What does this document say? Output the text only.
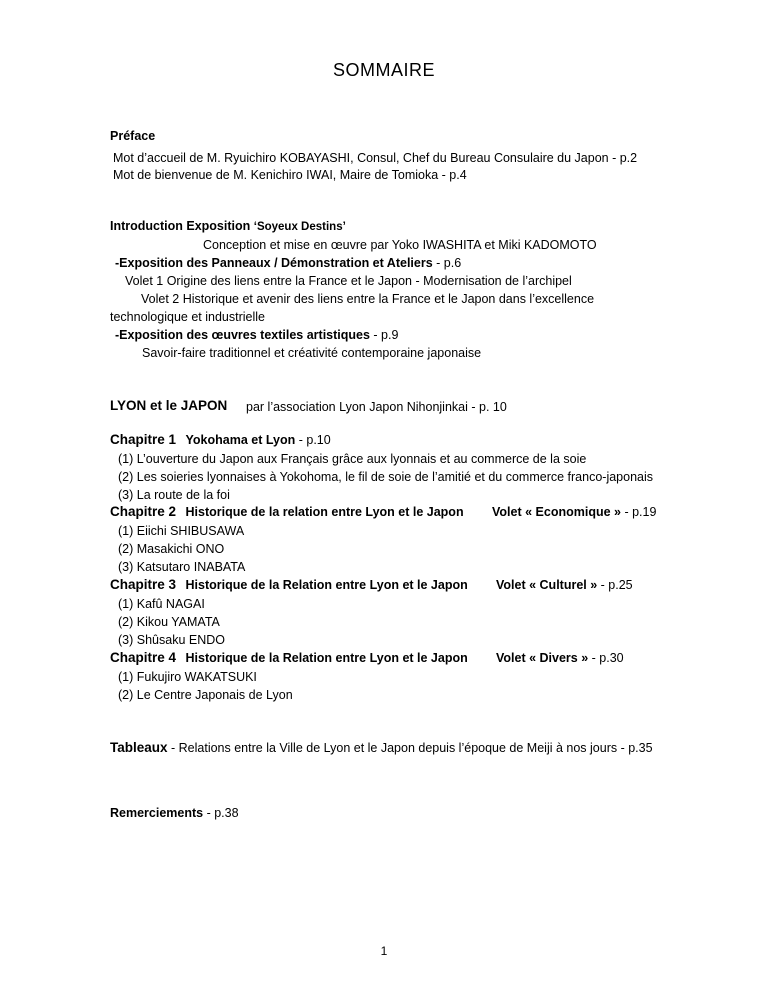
SOMMAIRE
Préface
Mot d’accueil de M. Ryuichiro KOBAYASHI, Consul, Chef du Bureau Consulaire du Japon - p.2
Mot de bienvenue de M. Kenichiro IWAI, Maire de Tomioka - p.4
Introduction Exposition ‘Soyeux Destins’
Conception et mise en œuvre par Yoko IWASHITA et Miki KADOMOTO
-Exposition des Panneaux / Démonstration et Ateliers - p.6
Volet 1 Origine des liens entre la France et le Japon - Modernisation de l’archipel
Volet 2 Historique et avenir des liens entre la France et le Japon dans l’excellence
technologique et industrielle
-Exposition des œuvres textiles artistiques - p.9
Savoir-faire traditionnel et créativité contemporaine japonaise
LYON et le JAPON par l’association Lyon Japon Nihonjinkai - p. 10
Chapitre 1 Yokohama et Lyon - p.10
(1) L’ouverture du Japon aux Français grâce aux lyonnais et au commerce de la soie
(2) Les soieries lyonnaises à Yokohoma, le fil de soie de l’amitié et du commerce franco-japonais
(3) La route de la foi
Chapitre 2 Historique de la relation entre Lyon et le Japon Volet « Economique » - p.19
(1) Eiichi SHIBUSAWA
(2) Masakichi ONO
(3) Katsutaro INABATA
Chapitre 3 Historique de la Relation entre Lyon et le Japon Volet « Culturel » - p.25
(1) Kafû NAGAI
(2) Kikou YAMATA
(3) Shûsaku ENDO
Chapitre 4 Historique de la Relation entre Lyon et le Japon Volet « Divers » - p.30
(1) Fukujiro WAKATSUKI
(2) Le Centre Japonais de Lyon
Tableaux - Relations entre la Ville de Lyon et le Japon depuis l’époque de Meiji à nos jours - p.35
Remerciements - p.38
1
